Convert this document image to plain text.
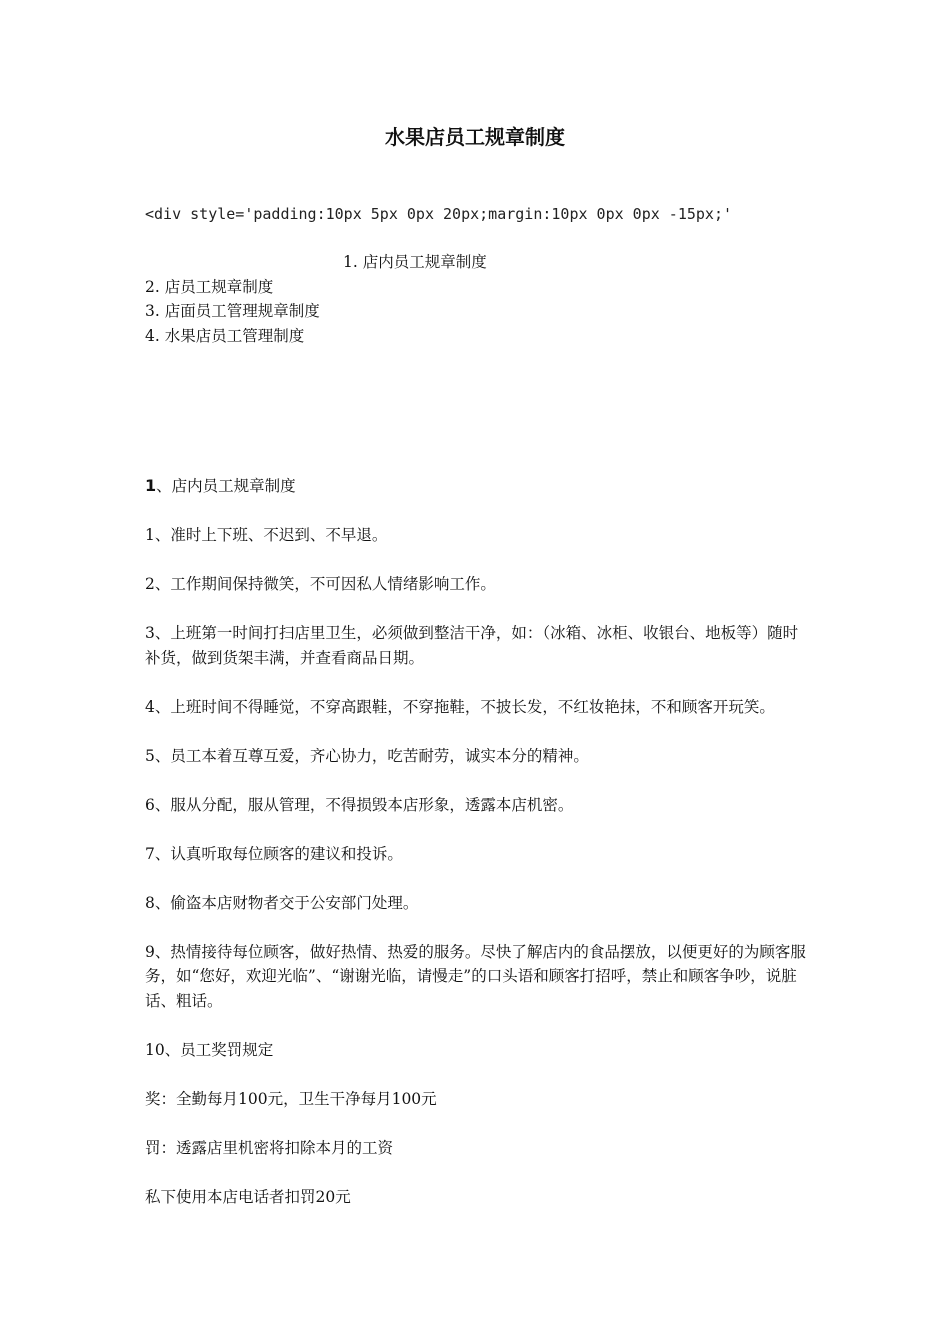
水果店员工规章制度
<div style='padding:10px 5px 0px 20px;margin:10px 0px 0px -15px;'
1. 店内员工规章制度
2. 店员工规章制度
3. 店面员工管理规章制度
4. 水果店员工管理制度

1、店内员工规章制度

1、准时上下班、不迟到、不早退。

2、工作期间保持微笑，不可因私人情绪影响工作。

3、上班第一时间打扫店里卫生，必须做到整洁干净，如：（冰箱、冰柜、收银台、地板等）随时补货，做到货架丰满，并查看商品日期。

4、上班时间不得睡觉，不穿高跟鞋，不穿拖鞋，不披长发，不红妆艳抹，不和顾客开玩笑。

5、员工本着互尊互爱，齐心协力，吃苦耐劳，诚实本分的精神。

6、服从分配，服从管理，不得损毁本店形象，透露本店机密。

7、认真听取每位顾客的建议和投诉。

8、偷盗本店财物者交于公安部门处理。

9、热情接待每位顾客，做好热情、热爱的服务。尽快了解店内的食品摆放，以便更好的为顾客服务，如“您好，欢迎光临”、“谢谢光临，请慢走”的口头语和顾客打招呼，禁止和顾客争吵，说脏话、粗话。

10、员工奖罚规定

奖：全勤每月100元，卫生干净每月100元

罚：透露店里机密将扣除本月的工资

私下使用本店电话者扣罚20元
